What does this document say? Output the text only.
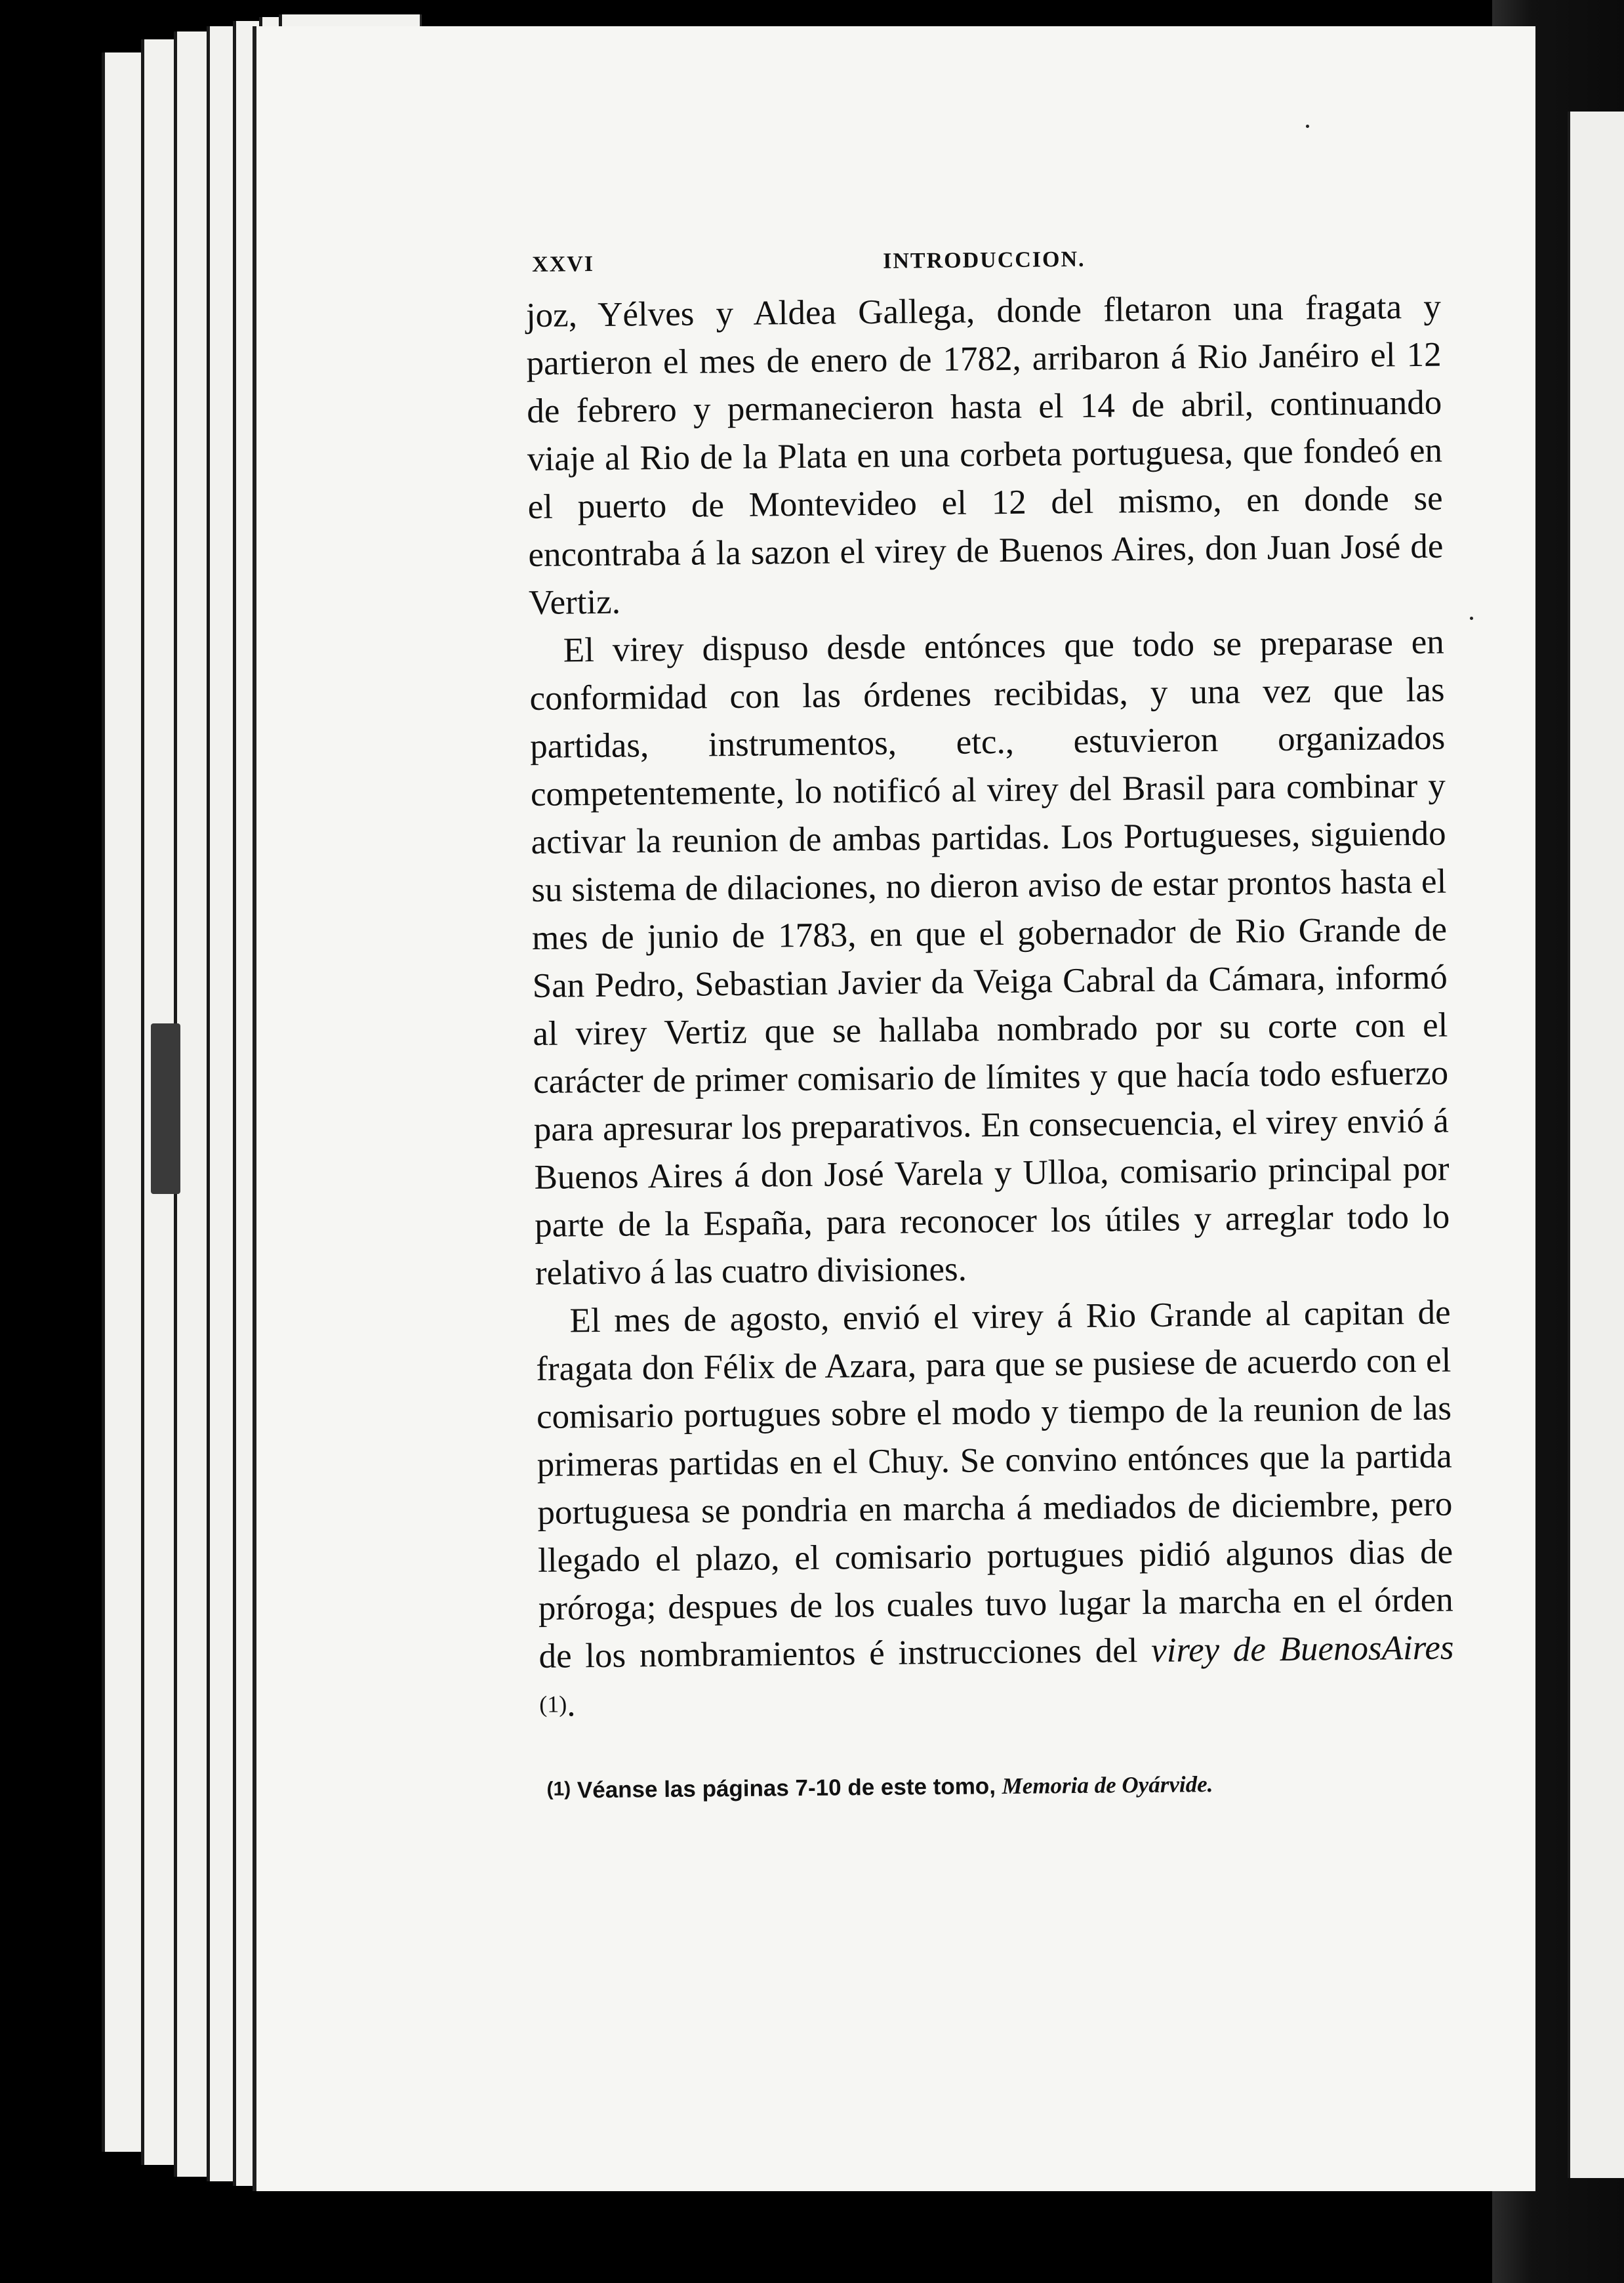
XXVI	INTRODUCCION.

joz, Yélves y Aldea Gallega, donde fletaron una fragata y partieron el mes de enero de 1782, arribaron á Rio Janéiro el 12 de febrero y permanecieron hasta el 14 de abril, continuando viaje al Rio de la Plata en una corbeta portuguesa, que fondeó en el puerto de Montevideo el 12 del mismo, en donde se encontraba á la sazon el virey de Buenos Aires, don Juan José de Vertiz.

El virey dispuso desde entónces que todo se preparase en conformidad con las órdenes recibidas, y una vez que las partidas, instrumentos, etc., estuvieron organizados competentemente, lo notificó al virey del Brasil para combinar y activar la reunion de ambas partidas. Los Portugueses, siguiendo su sistema de dilaciones, no dieron aviso de estar prontos hasta el mes de junio de 1783, en que el gobernador de Rio Grande de San Pedro, Sebastian Javier da Veiga Cabral da Cámara, informó al virey Vertiz que se hallaba nombrado por su corte con el carácter de primer comisario de límites y que hacía todo esfuerzo para apresurar los preparativos. En consecuencia, el virey envió á Buenos Aires á don José Varela y Ulloa, comisario principal por parte de la España, para reconocer los útiles y arreglar todo lo relativo á las cuatro divisiones.

El mes de agosto, envió el virey á Rio Grande al capitan de fragata don Félix de Azara, para que se pusiese de acuerdo con el comisario portugues sobre el modo y tiempo de la reunion de las primeras partidas en el Chuy. Se convino entónces que la partida portuguesa se pondria en marcha á mediados de diciembre, pero llegado el plazo, el comisario portugues pidió algunos dias de próroga; despues de los cuales tuvo lugar la marcha en el órden de los nombramientos é instrucciones del virey de BuenosAires (1).

(1) Véanse las páginas 7-10 de este tomo, Memoria de Oyárvide.
